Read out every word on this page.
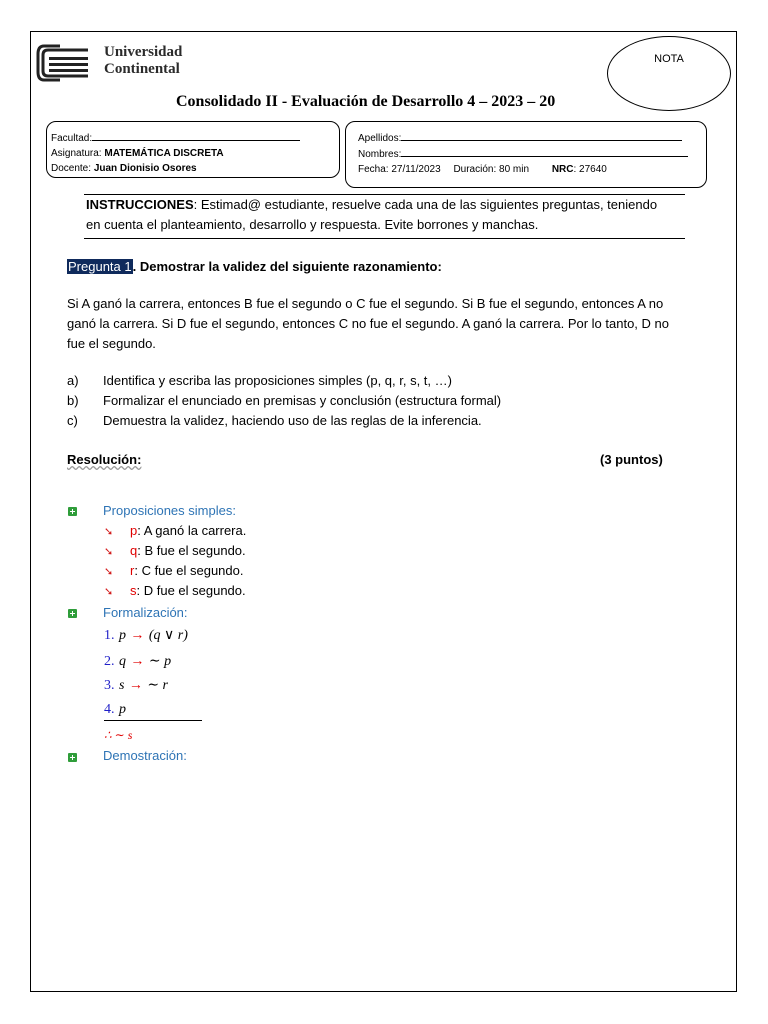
Universidad
Continental
NOTA
Consolidado II - Evaluación de Desarrollo 4 – 2023 – 20
Facultad:
Asignatura: MATEMÁTICA DISCRETA
Docente: Juan Dionisio Osores
Apellidos:
Nombres:
Fecha: 27/11/2023 Duración: 80 min NRC: 27640
INSTRUCCIONES: Estimad@ estudiante, resuelve cada una de las siguientes preguntas, teniendo
en cuenta el planteamiento, desarrollo y respuesta. Evite borrones y manchas.
Pregunta 1. Demostrar la validez del siguiente razonamiento:
Si A ganó la carrera, entonces B fue el segundo o C fue el segundo. Si B fue el segundo, entonces A no
ganó la carrera. Si D fue el segundo, entonces C no fue el segundo. A ganó la carrera. Por lo tanto, D no
fue el segundo.
a) Identifica y escriba las proposiciones simples (p, q, r, s, t, …)
b) Formalizar el enunciado en premisas y conclusión (estructura formal)
c) Demuestra la validez, haciendo uso de las reglas de la inferencia.
Resolución:	(3 puntos)
Proposiciones simples:
➘ p: A ganó la carrera.
➘ q: B fue el segundo.
➘ r: C fue el segundo.
➘ s: D fue el segundo.
Formalización:
1. p → (q ∨ r)
2. q → ∼ p
3. s → ∼ r
4. p
∴ ∼ s
Demostración:
